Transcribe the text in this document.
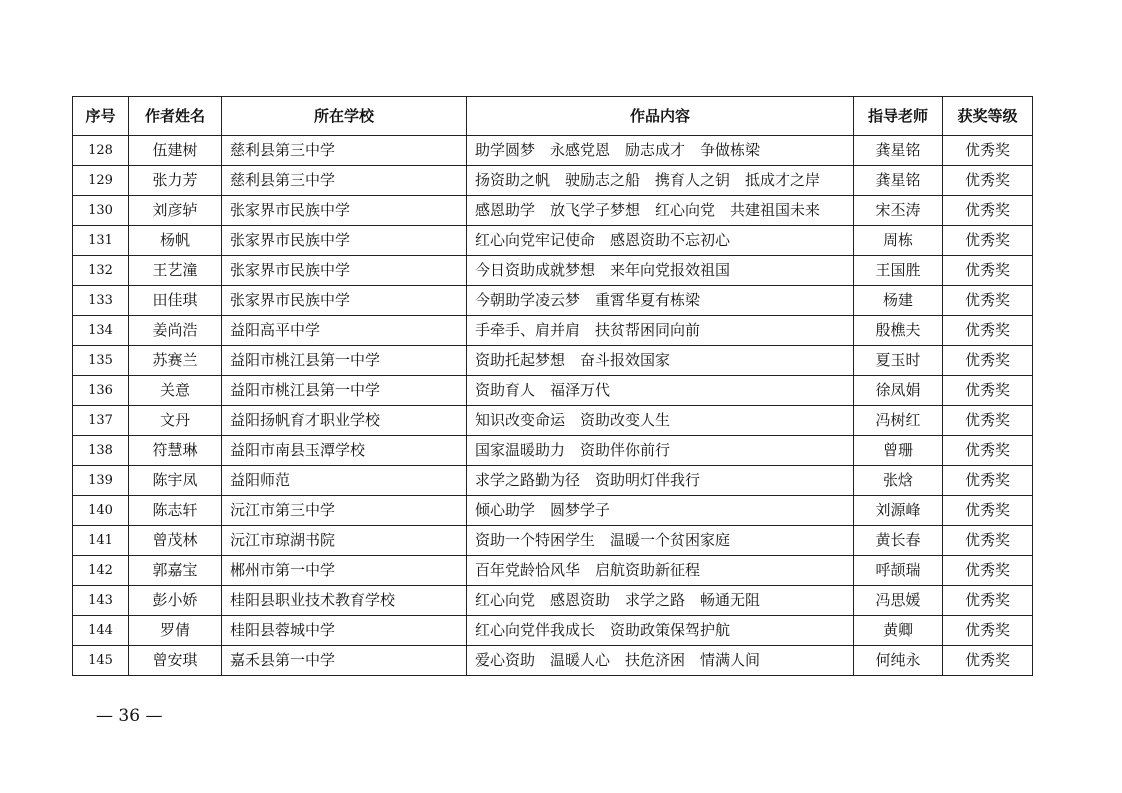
序号	作者姓名	所在学校	作品内容	指导老师	获奖等级
128	伍建树	慈利县第三中学	助学圆梦　永感党恩　励志成才　争做栋梁	龚星铭	优秀奖
129	张力芳	慈利县第三中学	扬资助之帆　驶励志之船　携育人之钥　抵成才之岸	龚星铭	优秀奖
130	刘彦轳	张家界市民族中学	感恩助学　放飞学子梦想　红心向党　共建祖国未来	宋丕涛	优秀奖
131	杨帆	张家界市民族中学	红心向党牢记使命　感恩资助不忘初心	周栋	优秀奖
132	王艺潼	张家界市民族中学	今日资助成就梦想　来年向党报效祖国	王国胜	优秀奖
133	田佳琪	张家界市民族中学	今朝助学凌云梦　重霄华夏有栋梁	杨建	优秀奖
134	姜尚浩	益阳高平中学	手牵手、肩并肩　扶贫帮困同向前	殷樵夫	优秀奖
135	苏赛兰	益阳市桃江县第一中学	资助托起梦想　奋斗报效国家	夏玉时	优秀奖
136	关意	益阳市桃江县第一中学	资助育人　福泽万代	徐凤娟	优秀奖
137	文丹	益阳扬帆育才职业学校	知识改变命运　资助改变人生	冯树红	优秀奖
138	符慧琳	益阳市南县玉潭学校	国家温暖助力　资助伴你前行	曾珊	优秀奖
139	陈宇凤	益阳师范	求学之路勤为径　资助明灯伴我行	张焓	优秀奖
140	陈志轩	沅江市第三中学	倾心助学　圆梦学子	刘源峰	优秀奖
141	曾茂林	沅江市琼湖书院	资助一个特困学生　温暖一个贫困家庭	黄长春	优秀奖
142	郭嘉宝	郴州市第一中学	百年党龄恰风华　启航资助新征程	呼颉瑞	优秀奖
143	彭小娇	桂阳县职业技术教育学校	红心向党　感恩资助　求学之路　畅通无阻	冯思媛	优秀奖
144	罗倩	桂阳县蓉城中学	红心向党伴我成长　资助政策保驾护航	黄卿	优秀奖
145	曾安琪	嘉禾县第一中学	爱心资助　温暖人心　扶危济困　情满人间	何纯永	优秀奖
— 36 —
